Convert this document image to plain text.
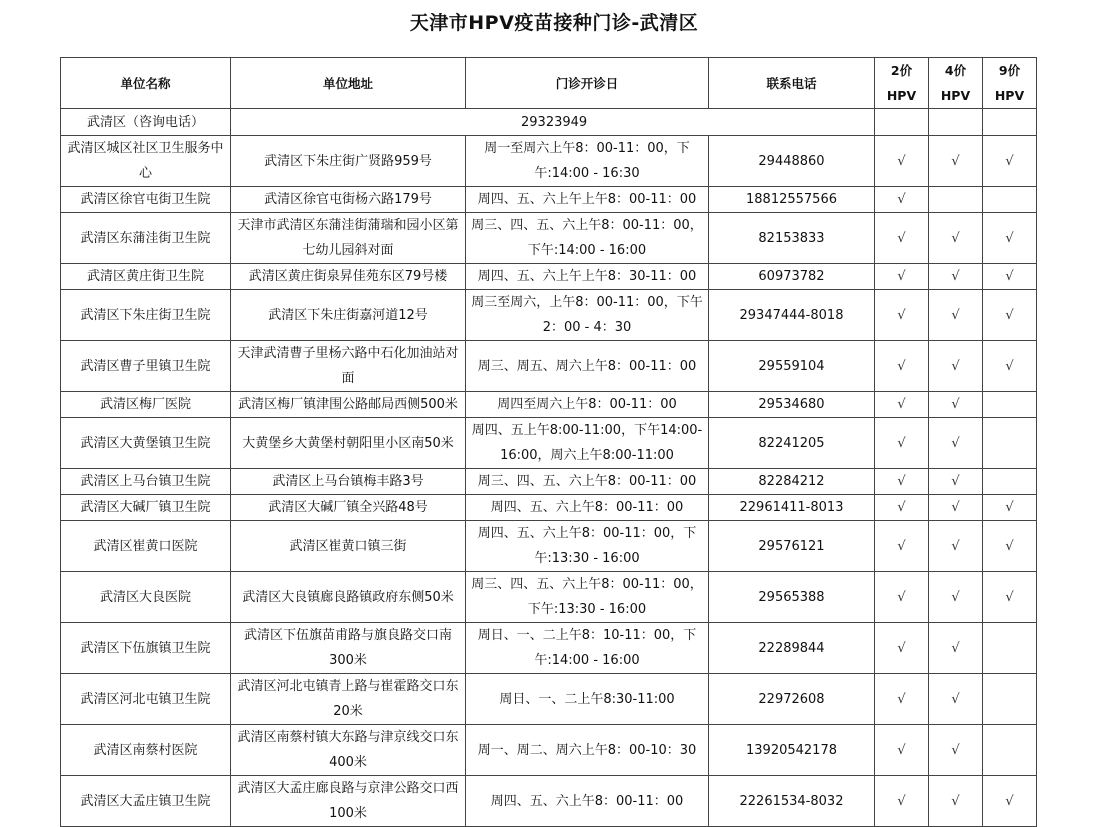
天津市HPV疫苗接种门诊-武清区
单位名称	单位地址	门诊开诊日	联系电话	2价HPV	4价HPV	9价HPV
武清区（咨询电话）	29323949					
武清区城区社区卫生服务中心	武清区下朱庄街广贤路959号	周一至周六上午8：00-11：00，下午:14:00 - 16:30	29448860	√	√	√
武清区徐官屯街卫生院	武清区徐官屯街杨六路179号	周四、五、六上午上午8：00-11：00	18812557566	√		
武清区东蒲洼街卫生院	天津市武清区东蒲洼街蒲瑞和园小区第七幼儿园斜对面	周三、四、五、六上午8：00-11：00，下午:14:00 - 16:00	82153833	√	√	√
武清区黄庄街卫生院	武清区黄庄街泉昇佳苑东区79号楼	周四、五、六上午上午8：30-11：00	60973782	√	√	√
武清区下朱庄街卫生院	武清区下朱庄街嘉河道12号	周三至周六，上午8：00-11：00，下午2：00 - 4：30	29347444-8018	√	√	√
武清区曹子里镇卫生院	天津武清曹子里杨六路中石化加油站对面	周三、周五、周六上午8：00-11：00	29559104	√	√	√
武清区梅厂医院	武清区梅厂镇津围公路邮局西侧500米	周四至周六上午8：00-11：00	29534680	√	√	
武清区大黄堡镇卫生院	大黄堡乡大黄堡村朝阳里小区南50米	周四、五上午8:00-11:00，下午14:00-16:00，周六上午8:00-11:00	82241205	√	√	
武清区上马台镇卫生院	武清区上马台镇梅丰路3号	周三、四、五、六上午8：00-11：00	82284212	√	√	
武清区大碱厂镇卫生院	武清区大碱厂镇全兴路48号	周四、五、六上午8：00-11：00	22961411-8013	√	√	√
武清区崔黄口医院	武清区崔黄口镇三街	周四、五、六上午8：00-11：00，下午:13:30 - 16:00	29576121	√	√	√
武清区大良医院	武清区大良镇廊良路镇政府东侧50米	周三、四、五、六上午8：00-11：00，下午:13:30 - 16:00	29565388	√	√	√
武清区下伍旗镇卫生院	武清区下伍旗苗甫路与旗良路交口南300米	周日、一、二上午8：10-11：00，下午:14:00 - 16:00	22289844	√	√	
武清区河北屯镇卫生院	武清区河北屯镇青上路与崔霍路交口东20米	周日、一、二上午8:30-11:00	22972608	√	√	
武清区南蔡村医院	武清区南蔡村镇大东路与津京线交口东400米	周一、周二、周六上午8：00-10：30	13920542178	√	√	
武清区大孟庄镇卫生院	武清区大孟庄廊良路与京津公路交口西100米	周四、五、六上午8：00-11：00	22261534-8032	√	√	√
